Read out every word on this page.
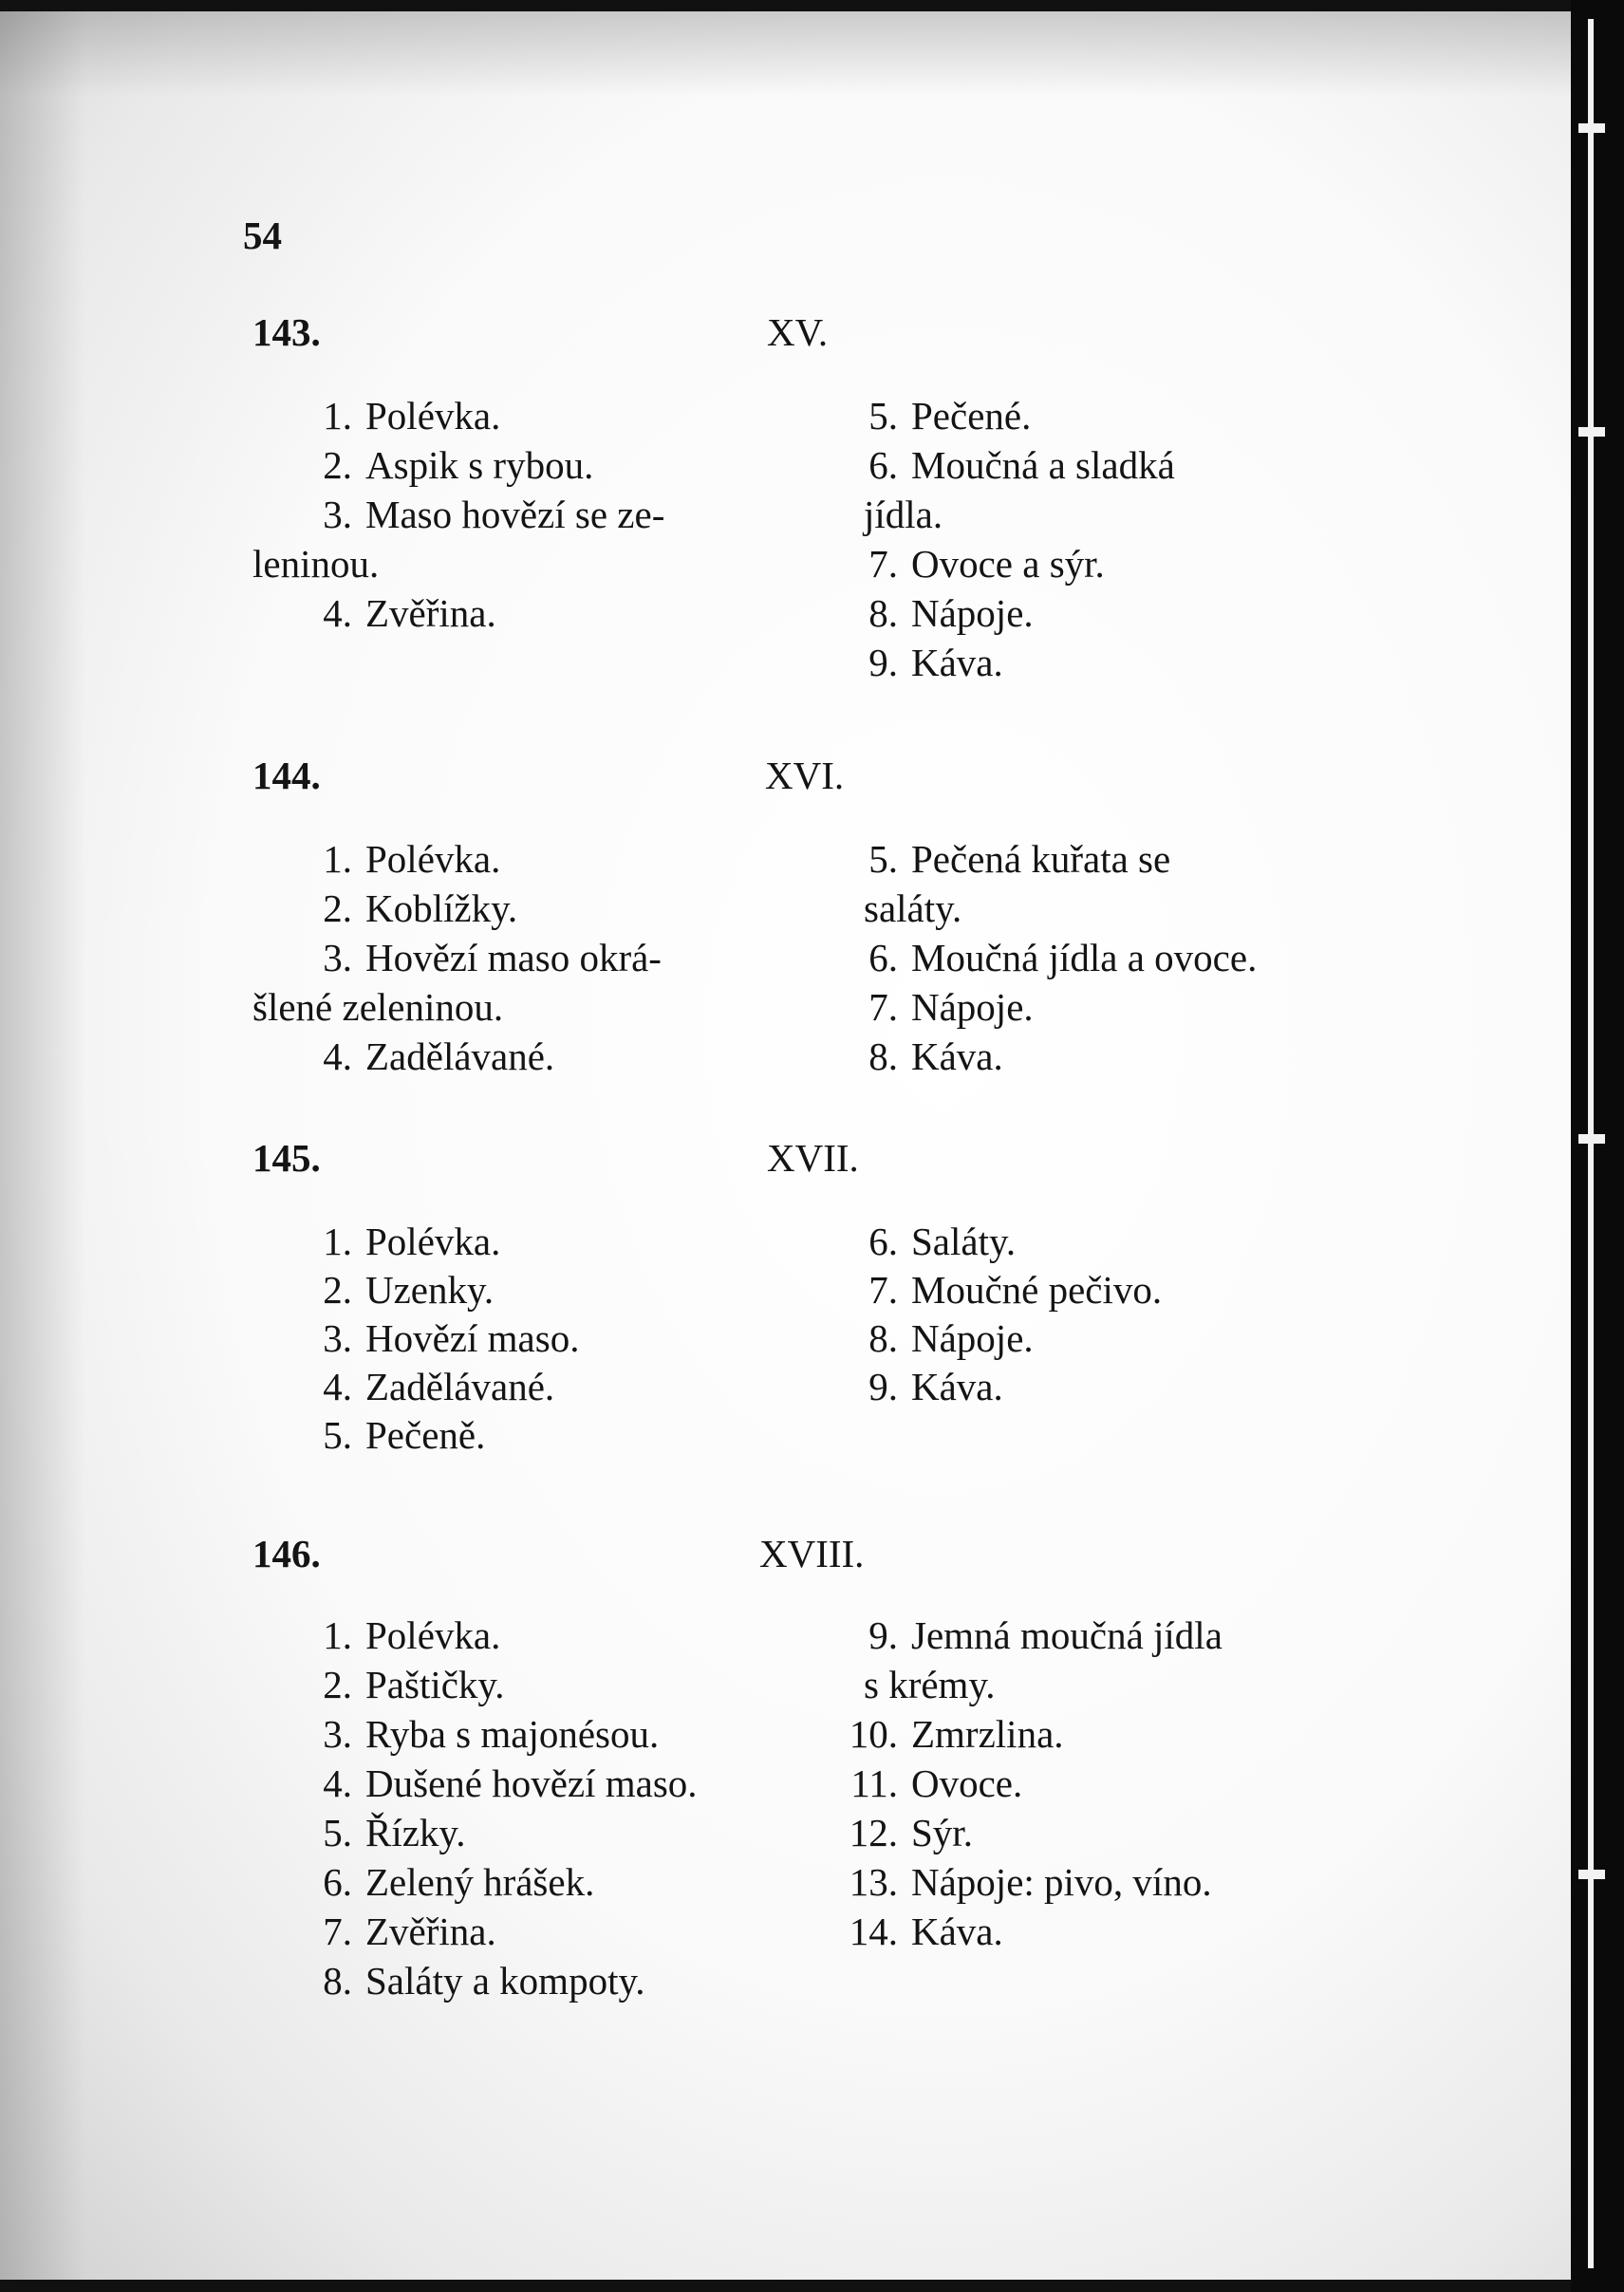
54
143.	XV.
1. Polévka.
2. Aspik s rybou.
3. Maso hovězí se ze-
leninou.
4. Zvěřina.
5. Pečené.
6. Moučná a sladká
jídla.
7. Ovoce a sýr.
8. Nápoje.
9. Káva.
144.	XVI.
1. Polévka.
2. Koblížky.
3. Hovězí maso okrá-
šlené zeleninou.
4. Zadělávané.
5. Pečená kuřata se
saláty.
6. Moučná jídla a ovoce.
7. Nápoje.
8. Káva.
145.	XVII.
1. Polévka.
2. Uzenky.
3. Hovězí maso.
4. Zadělávané.
5. Pečeně.
6. Saláty.
7. Moučné pečivo.
8. Nápoje.
9. Káva.
146.	XVIII.
1. Polévka.
2. Paštičky.
3. Ryba s majonésou.
4. Dušené hovězí maso.
5. Řízky.
6. Zelený hrášek.
7. Zvěřina.
8. Saláty a kompoty.
9. Jemná moučná jídla
s krémy.
10. Zmrzlina.
11. Ovoce.
12. Sýr.
13. Nápoje: pivo, víno.
14. Káva.
